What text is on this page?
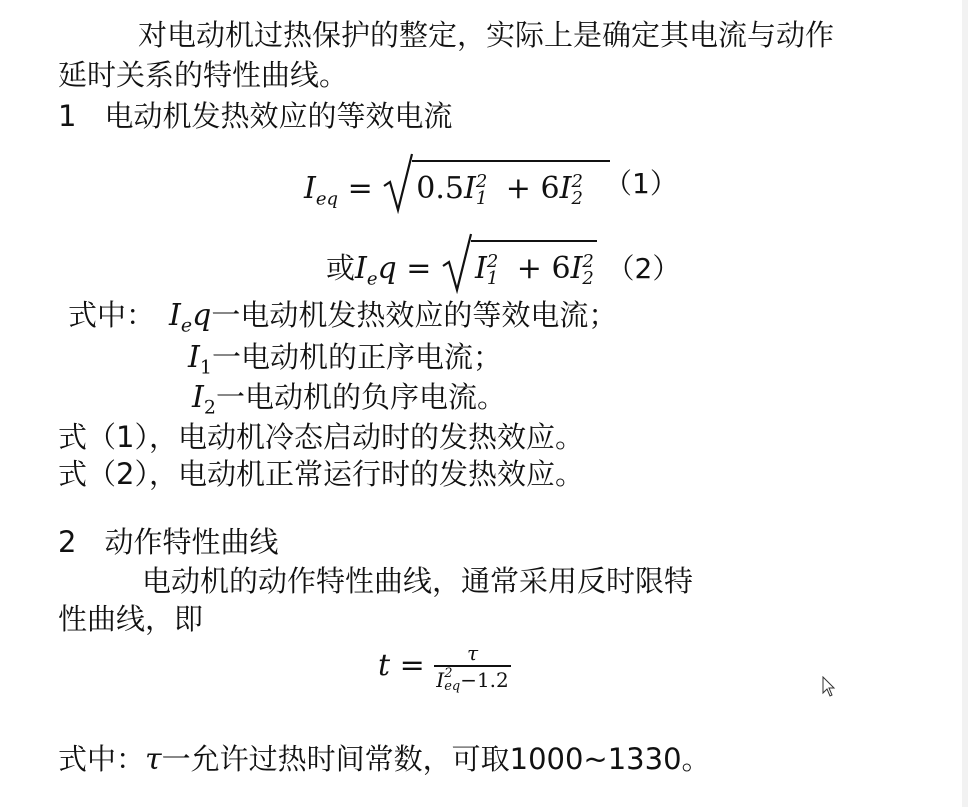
对电动机过热保护的整定，实际上是确定其电流与动作
延时关系的特性曲线。
1 电动机发热效应的等效电流
$I_{eq} = 0.5I$ 2
1 + 6I 2
2 （1）
或$I_eq = I$ 2
1 + 6I 2
2 （2）
式中： $I_eq$一电动机发热效应的等效电流；
$I_1$一电动机的正序电流；
$I_2$一电动机的负序电流。
式（1），电动机冷态启动时的发热效应。
式（2），电动机正常运行时的发热效应。
2 动作特性曲线
电动机的动作特性曲线，通常采用反时限特
性曲线，即
t = τ
I 2
eq −1.2
式中：τ一允许过热时间常数，可取1000~1330。
